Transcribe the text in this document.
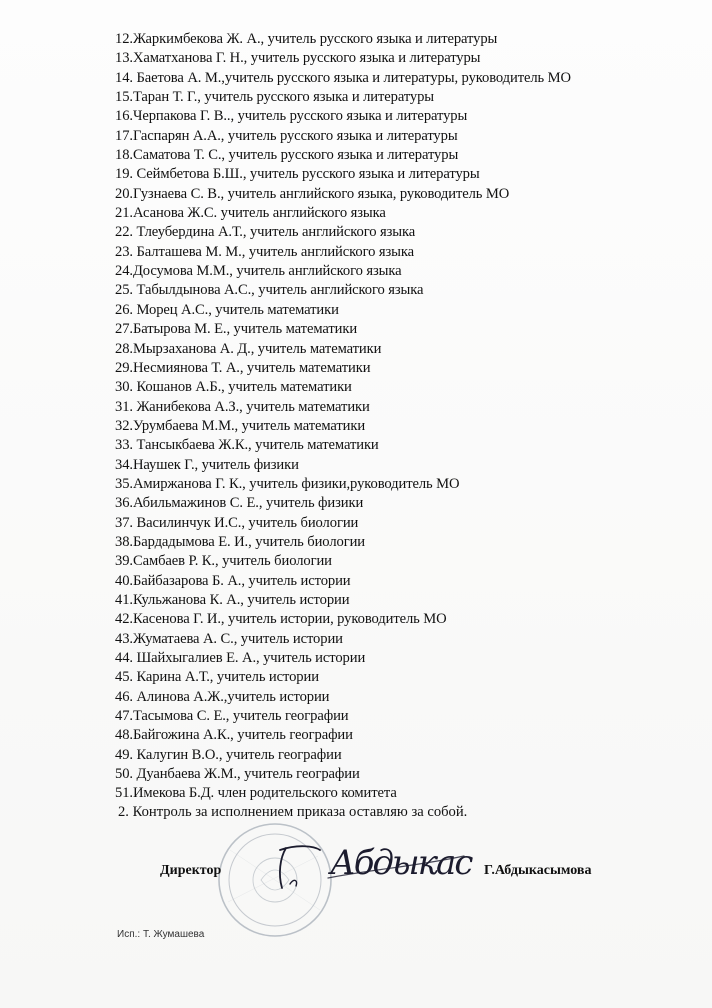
12.Жаркимбекова Ж. А., учитель русского языка и литературы
13.Хаматханова Г. Н., учитель русского языка и литературы
14. Баетова А. М.,учитель русского языка и литературы, руководитель МО
15.Таран Т. Г., учитель русского языка и литературы
16.Черпакова Г. В.., учитель русского языка и литературы
17.Гаспарян А.А., учитель русского языка и литературы
18.Саматова Т. С., учитель русского языка и литературы
19. Сеймбетова Б.Ш., учитель русского языка и литературы
20.Гузнаева С. В., учитель английского языка, руководитель МО
21.Асанова Ж.С. учитель английского языка
22. Тлеубердина А.Т., учитель английского языка
23. Балташева М. М., учитель английского языка
24.Досумова М.М., учитель английского языка
25. Табылдынова А.С., учитель английского языка
26. Морец А.С., учитель математики
27.Батырова М. Е., учитель математики
28.Мырзаханова А. Д., учитель математики
29.Несмиянова Т. А., учитель математики
30. Кошанов А.Б., учитель математики
31. Жанибекова А.З., учитель математики
32.Урумбаева М.М., учитель математики
33. Тансыкбаева Ж.К., учитель математики
34.Наушек Г., учитель физики
35.Амиржанова Г. К., учитель физики,руководитель МО
36.Абильмажинов С. Е., учитель физики
37. Василинчук И.С., учитель биологии
38.Бардадымова Е. И., учитель биологии
39.Самбаев Р. К., учитель биологии
40.Байбазарова Б. А., учитель истории
41.Кульжанова К. А., учитель истории
42.Касенова Г. И., учитель истории, руководитель МО
43.Жуматаева А. С., учитель истории
44. Шайхыгалиев Е. А., учитель истории
45. Карина А.Т., учитель истории
46. Алинова А.Ж.,учитель истории
47.Тасымова С. Е., учитель географии
48.Байгожина А.К., учитель географии
49. Калугин В.О., учитель географии
50. Дуанбаева Ж.М., учитель географии
51.Имекова Б.Д. член родительского комитета
2. Контроль за исполнением приказа оставляю за собой.
Директор	Абдыкас Г.Абдыкасымова
Исп.: Т. Жумашева
